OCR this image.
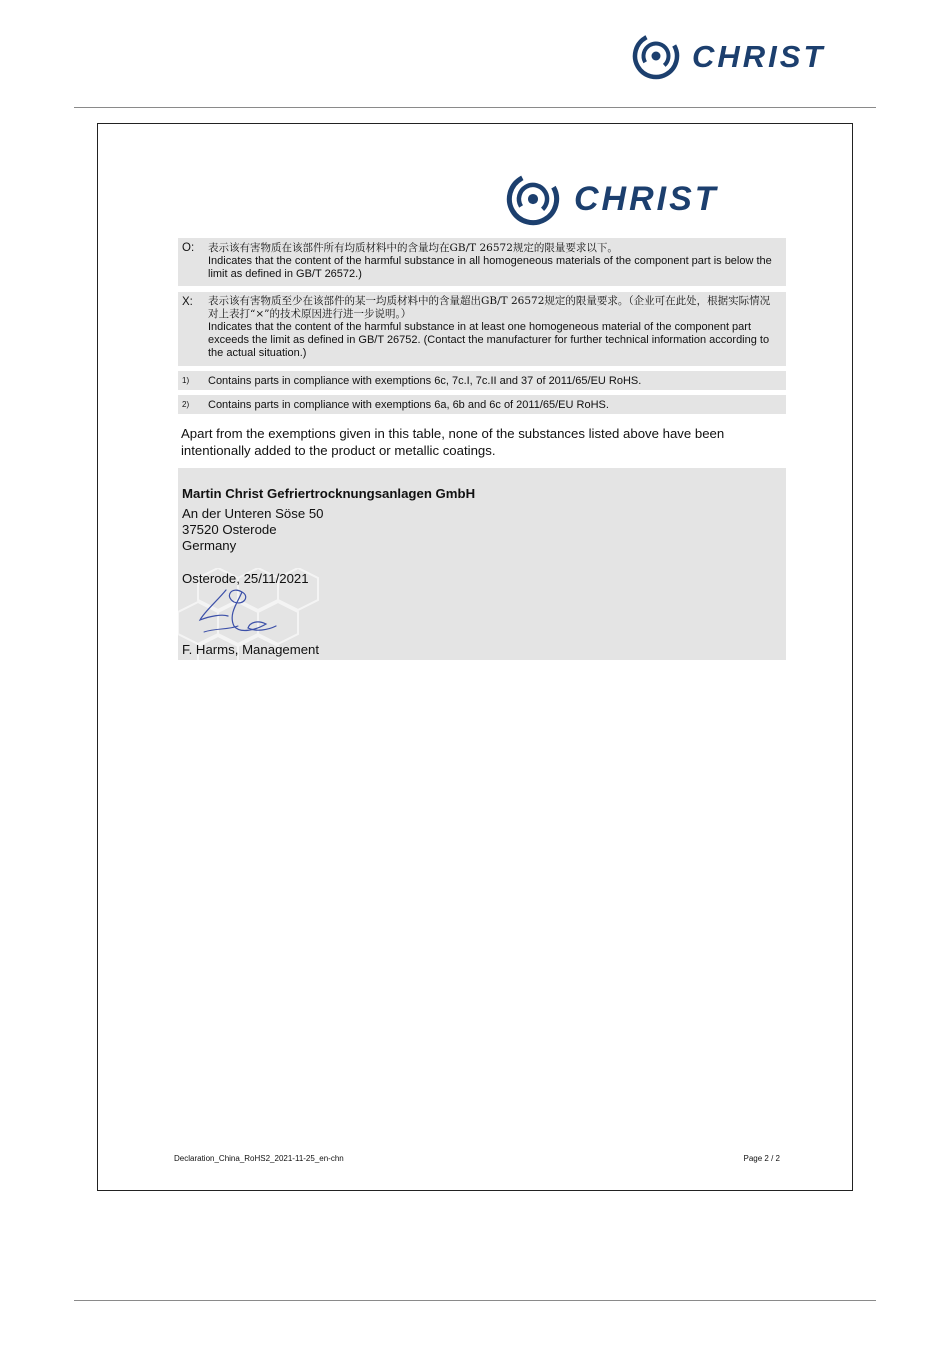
CHRIST
CHRIST
O: 表示该有害物质在该部件所有均质材料中的含量均在GB/T 26572规定的限量要求以下。
Indicates that the content of the harmful substance in all homogeneous materials of the component part is below the limit as defined in GB/T 26572.)
X: 表示该有害物质至少在该部件的某一均质材料中的含量超出GB/T 26572规定的限量要求。（企业可在此处，根据实际情况对上表打“×”的技术原因进行进一步说明。）
Indicates that the content of the harmful substance in at least one homogeneous material of the component part exceeds the limit as defined in GB/T 26752. (Contact the manufacturer for further technical information according to the actual situation.)
1) Contains parts in compliance with exemptions 6c, 7c.I, 7c.II and 37 of 2011/65/EU RoHS.
2) Contains parts in compliance with exemptions 6a, 6b and 6c of 2011/65/EU RoHS.
Apart from the exemptions given in this table, none of the substances listed above have been intentionally added to the product or metallic coatings.
Martin Christ Gefriertrocknungsanlagen GmbH
An der Unteren Söse 50
37520 Osterode
Germany
Osterode, 25/11/2021
F. Harms, Management
Declaration_China_RoHS2_2021-11-25_en-chn	Page 2 / 2
